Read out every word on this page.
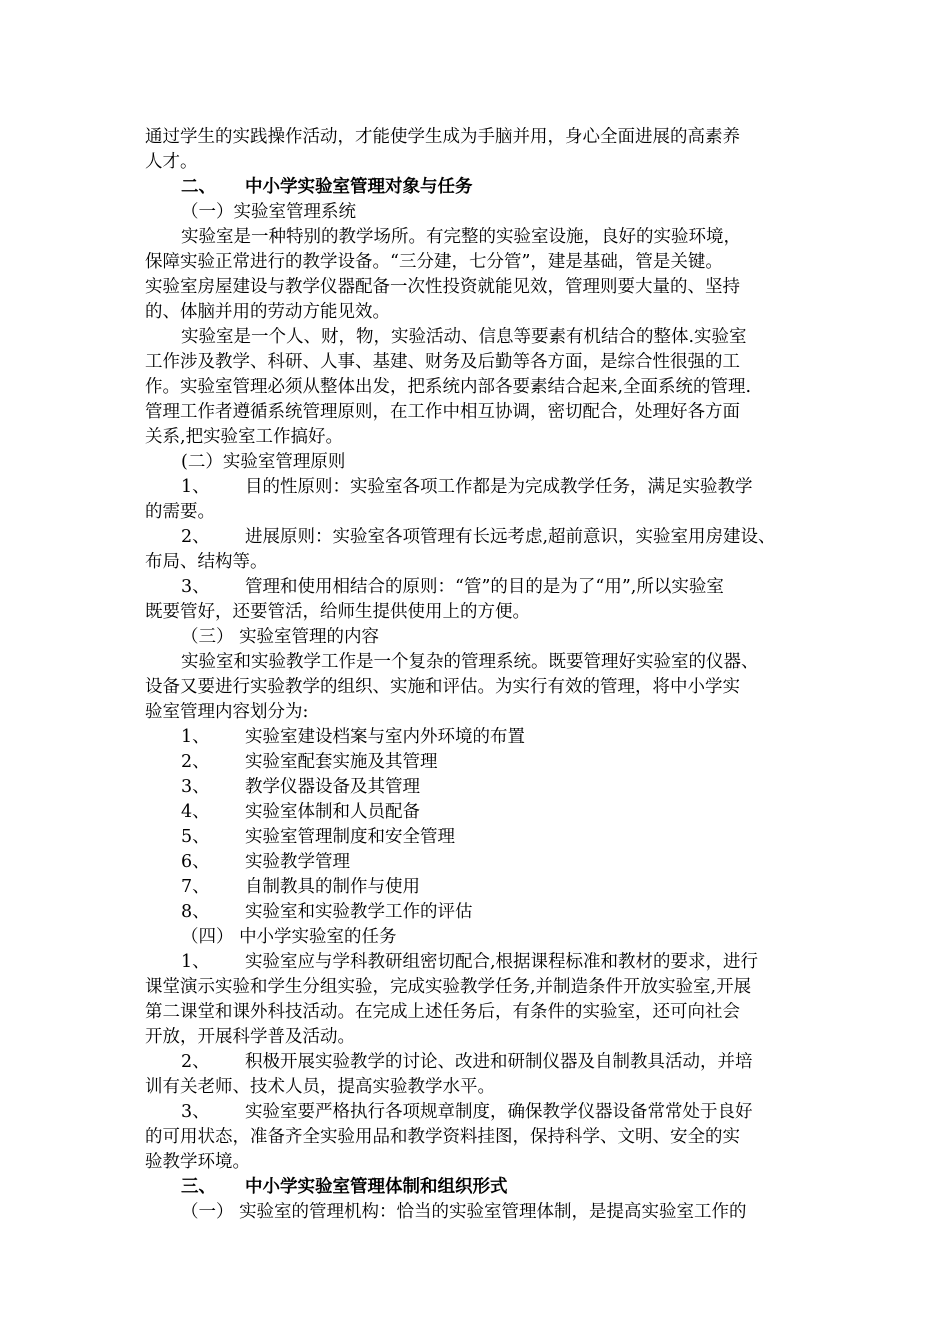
通过学生的实践操作活动，才能使学生成为手脑并用，身心全面进展的高素养
人才。
二、 中小学实验室管理对象与任务
（一）实验室管理系统
实验室是一种特别的教学场所。有完整的实验室设施，良好的实验环境，
保障实验正常进行的教学设备。“三分建，七分管”，建是基础，管是关键。
实验室房屋建设与教学仪器配备一次性投资就能见效，管理则要大量的、坚持
的、体脑并用的劳动方能见效。
实验室是一个人、财，物，实验活动、信息等要素有机结合的整体.实验室
工作涉及教学、科研、人事、基建、财务及后勤等各方面，是综合性很强的工
作。实验室管理必须从整体出发，把系统内部各要素结合起来,全面系统的管理.
管理工作者遵循系统管理原则，在工作中相互协调，密切配合，处理好各方面
关系,把实验室工作搞好。
(二）实验室管理原则
1、 目的性原则：实验室各项工作都是为完成教学任务，满足实验教学
的需要。
2、 进展原则：实验室各项管理有长远考虑,超前意识，实验室用房建设、
布局、结构等。
3、 管理和使用相结合的原则：“管”的目的是为了“用”,所以实验室
既要管好，还要管活，给师生提供使用上的方便。
（三） 实验室管理的内容
实验室和实验教学工作是一个复杂的管理系统。既要管理好实验室的仪器、
设备又要进行实验教学的组织、实施和评估。为实行有效的管理，将中小学实
验室管理内容划分为:
1、 实验室建设档案与室内外环境的布置
2、 实验室配套实施及其管理
3、 教学仪器设备及其管理
4、 实验室体制和人员配备
5、 实验室管理制度和安全管理
6、 实验教学管理
7、 自制教具的制作与使用
8、 实验室和实验教学工作的评估
（四） 中小学实验室的任务
1、 实验室应与学科教研组密切配合,根据课程标准和教材的要求，进行
课堂演示实验和学生分组实验，完成实验教学任务,并制造条件开放实验室,开展
第二课堂和课外科技活动。在完成上述任务后，有条件的实验室，还可向社会
开放，开展科学普及活动。
2、 积极开展实验教学的讨论、改进和研制仪器及自制教具活动，并培
训有关老师、技术人员，提高实验教学水平。
3、 实验室要严格执行各项规章制度，确保教学仪器设备常常处于良好
的可用状态，准备齐全实验用品和教学资料挂图，保持科学、文明、安全的实
验教学环境。
三、 中小学实验室管理体制和组织形式
（一） 实验室的管理机构：恰当的实验室管理体制，是提高实验室工作的
